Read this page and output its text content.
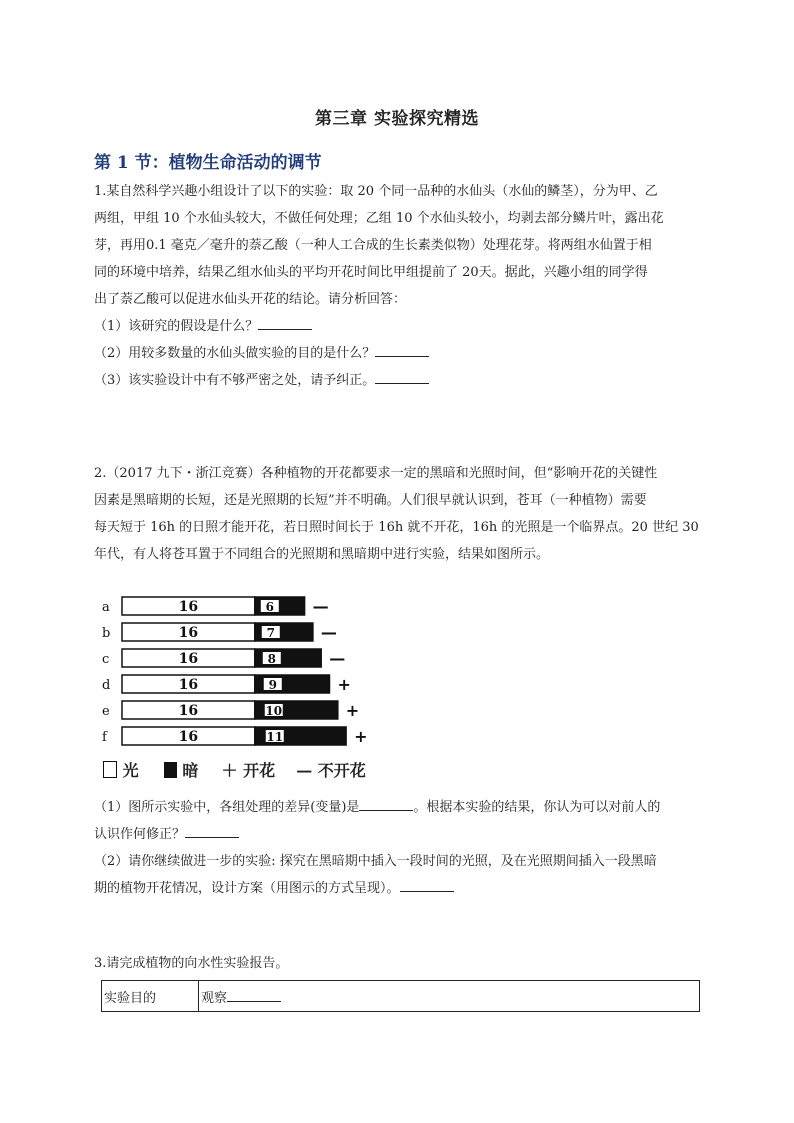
第三章 实验探究精选
第 1 节：植物生命活动的调节
1.某自然科学兴趣小组设计了以下的实验：取 20 个同一品种的水仙头（水仙的鳞茎），分为甲、乙
两组，甲组 10 个水仙头较大，不做任何处理；乙组 10 个水仙头较小，均剥去部分鳞片叶，露出花
芽，再用0.1 毫克／毫升的萘乙酸（一种人工合成的生长素类似物）处理花芽。将两组水仙置于相
同的环境中培养，结果乙组水仙头的平均开花时间比甲组提前了 20天。据此，兴趣小组的同学得
出了萘乙酸可以促进水仙头开花的结论。请分析回答：
（1）该研究的假设是什么？
（2）用较多数量的水仙头做实验的目的是什么？
（3）该实验设计中有不够严密之处，请予纠正。
2.（2017 九下・浙江竞赛）各种植物的开花都要求一定的黑暗和光照时间，但“影响开花的关键性
因素是黑暗期的长短，还是光照期的长短”并不明确。人们很早就认识到，苍耳（一种植物）需要
每天短于 16h 的日照才能开花，若日照时间长于 16h 就不开花，16h 的光照是一个临界点。20 世纪 30
年代，有人将苍耳置于不同组合的光照期和黑暗期中进行实验，结果如图所示。
a	16	6 —
b	16	7	—
c	16	8	—
d	16	9	+
e	16	10	+
f	16	11	+
光	暗 ＋ 开花 — 不开花
（1）图所示实验中，各组处理的差异(变量)是	。根据本实验的结果，你认为可以对前人的
认识作何修正？
（2）请你继续做进一步的实验: 探究在黑暗期中插入一段时间的光照，及在光照期间插入一段黑暗
期的植物开花情况，设计方案（用图示的方式呈现）。
3.请完成植物的向水性实验报告。
实验目的	观察
